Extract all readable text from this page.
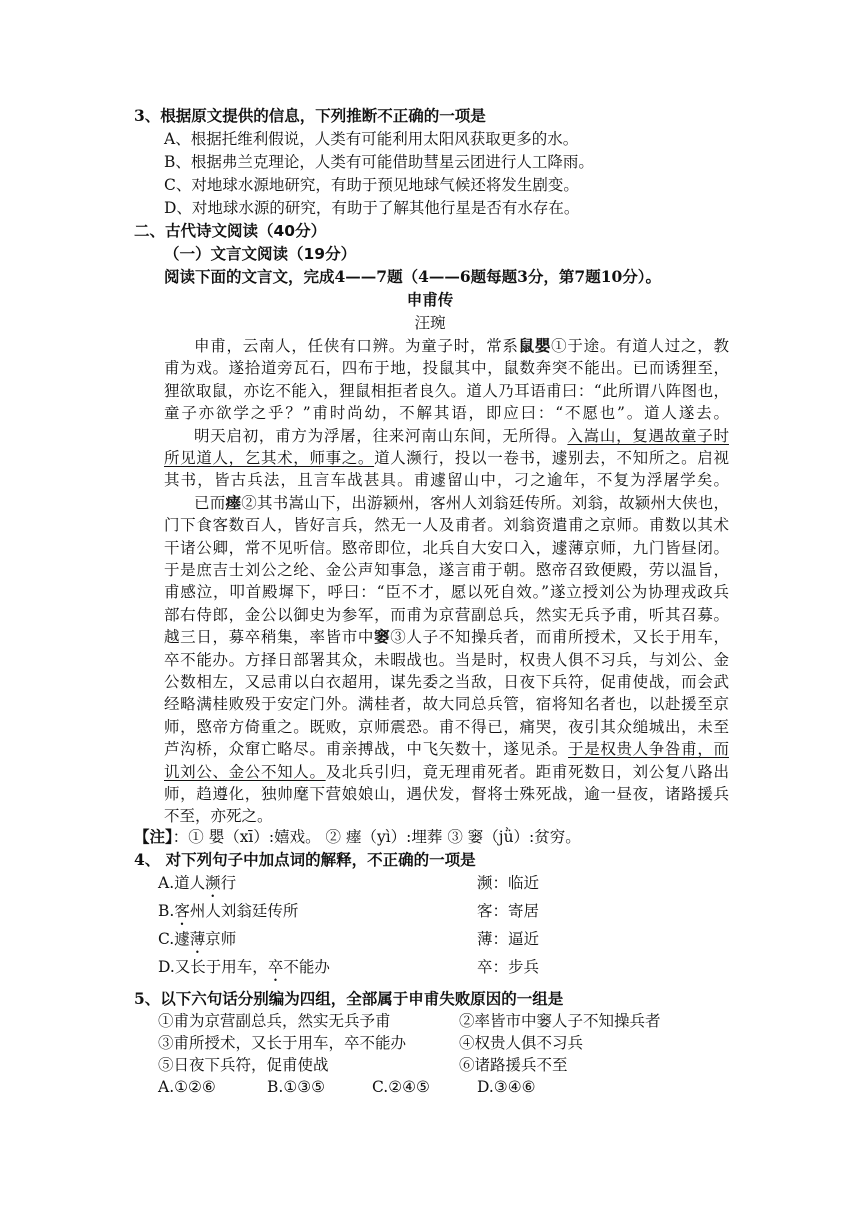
3、根据原文提供的信息，下列推断不正确的一项是
A、根据托维利假说，人类有可能利用太阳风获取更多的水。
B、根据弗兰克理论，人类有可能借助彗星云团进行人工降雨。
C、对地球水源地研究，有助于预见地球气候还将发生剧变。
D、对地球水源的研究，有助于了解其他行星是否有水存在。
二、古代诗文阅读（40分）
（一）文言文阅读（19分）
阅读下面的文言文，完成4——7题（4——6题每题3分，第7题10分）。
申甫传
汪琬
申甫，云南人，任侠有口辨。为童子时，常系鼠嬰①于途。有道人过之，教
甫为戏。遂拾道旁瓦石，四布于地，投鼠其中，鼠数奔突不能出。已而诱狸至，
狸欲取鼠，亦讫不能入，狸鼠相拒者良久。道人乃耳语甫曰：“此所谓八阵图也，
童子亦欲学之乎？”甫时尚幼，不解其语，即应曰：“不愿也”。道人遂去。
明天启初，甫方为浮屠，往来河南山东间，无所得。入嵩山，复遇故童子时
所见道人，乞其术，师事之。道人濒行，投以一卷书，遽别去，不知所之。启视
其书，皆古兵法，且言车战甚具。甫遽留山中，刁之逾年，不复为浮屠学矣。
已而瘗②其书嵩山下，出游颍州，客州人刘翁廷传所。刘翁，故颍州大侠也，
门下食客数百人，皆好言兵，然无一人及甫者。刘翁资遣甫之京师。甫数以其术
干诸公卿，常不见听信。愍帝即位，北兵自大安口入，遽薄京师，九门皆昼闭。
于是庶吉士刘公之纶、金公声知事急，遂言甫于朝。愍帝召致便殿，劳以温旨，
甫感泣，叩首殿墀下，呼曰：“臣不才，愿以死自效。”遂立授刘公为协理戎政兵
部右侍郎，金公以御史为参军，而甫为京营副总兵，然实无兵予甫，听其召募。
越三日，募卒稍集，率皆市中窭③人子不知操兵者，而甫所授术，又长于用车，
卒不能办。方择日部署其众，未暇战也。当是时，权贵人俱不习兵，与刘公、金
公数相左，又忌甫以白衣超用，谋先委之当敌，日夜下兵符，促甫使战，而会武
经略满桂败殁于安定门外。满桂者，故大同总兵管，宿将知名者也，以赴援至京
师，愍帝方倚重之。既败，京师震恐。甫不得已，痛哭，夜引其众缒城出，未至
芦沟桥，众窜亡略尽。甫亲搏战，中飞矢数十，遂见杀。于是权贵人争咎甫，而
讥刘公、金公不知人。及北兵引归，竟无理甫死者。距甫死数日，刘公复八路出
师，趋遵化，独帅麾下营娘娘山，遇伏发，督将士殊死战，逾一昼夜，诸路援兵
不至，亦死之。
【注】：① 嬰（xī）:嬉戏。 ② 瘗（yì）:埋葬 ③ 窭（jǜ）:贫穷。
4、 对下列句子中加点词的解释，不正确的一项是
A.道人濒行	濒：临近
B.客州人刘翁廷传所	客：寄居
C.遽薄京师	薄：逼近
D.又长于用车，卒不能办	卒：步兵
5、以下六句话分别编为四组，全部属于申甫失败原因的一组是
①甫为京营副总兵，然实无兵予甫	②率皆市中窭人子不知操兵者
③甫所授术，又长于用车，卒不能办	④权贵人俱不习兵
⑤日夜下兵符，促甫使战	⑥诸路援兵不至
A.①②⑥	B.①③⑤	C.②④⑤	D.③④⑥
